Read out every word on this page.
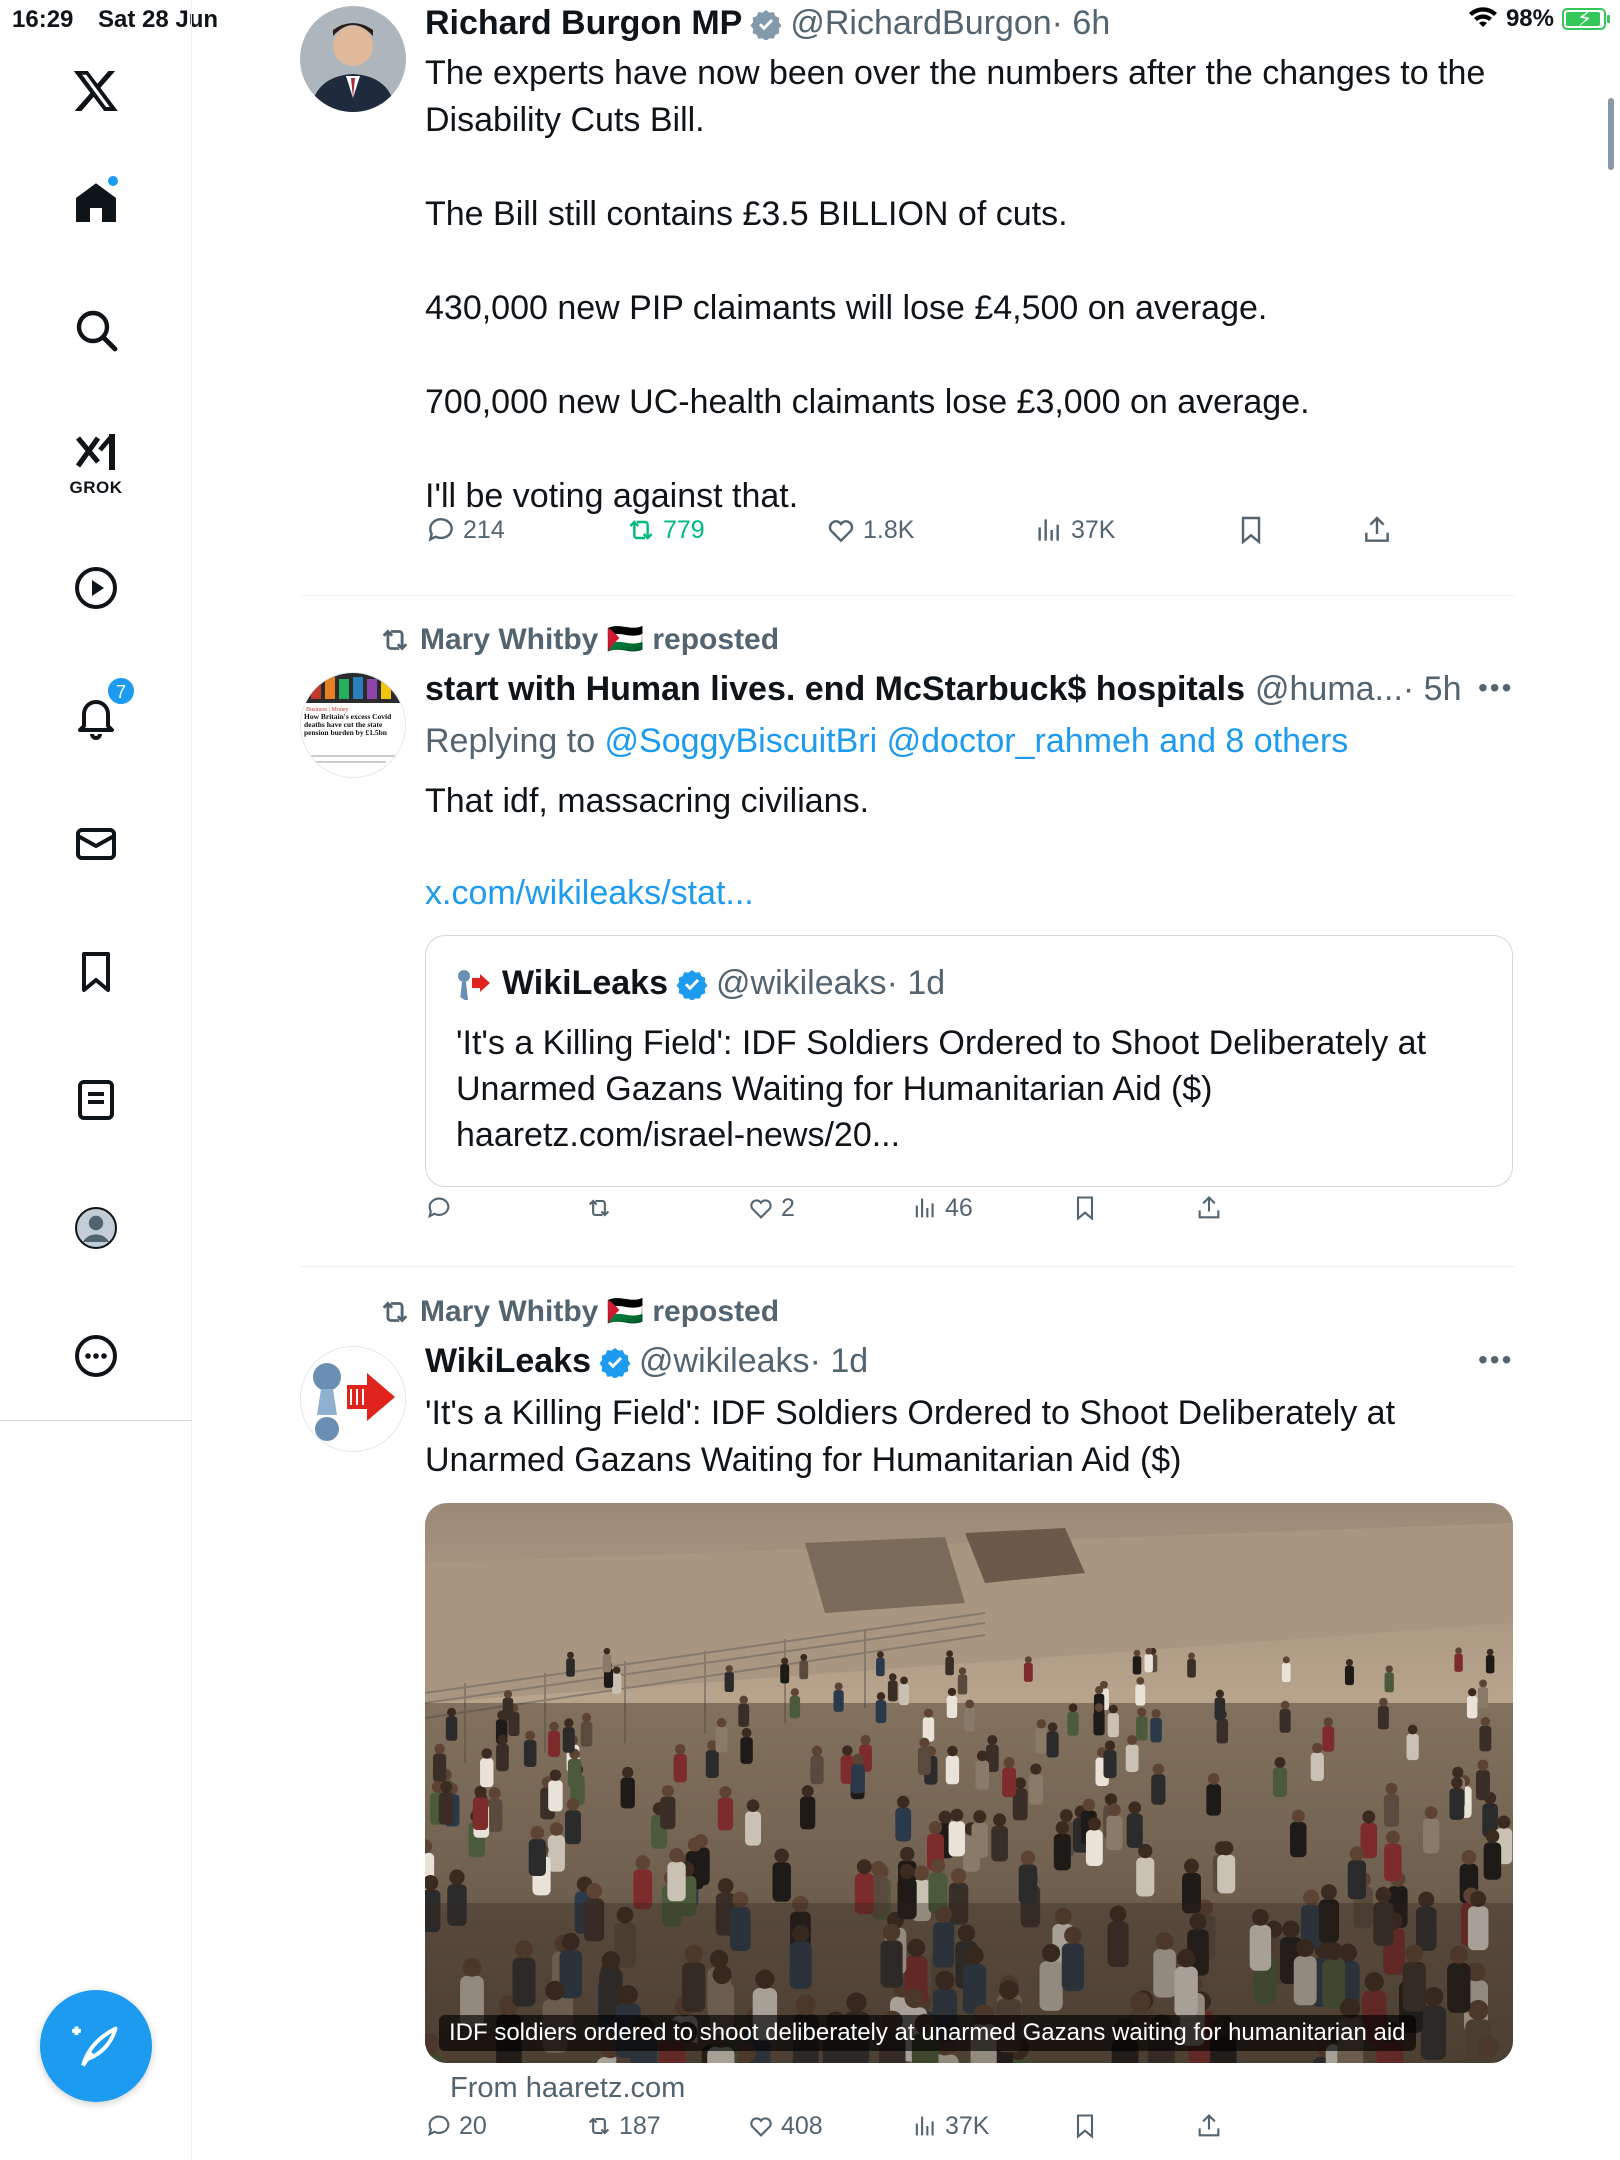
16:29 Sat 28 Jun	98% ⚡
GROK
7
Richard Burgon MP @RichardBurgon · 6h
The experts have now been over the numbers after the changes to the Disability Cuts Bill.

The Bill still contains £3.5 BILLION of cuts.

430,000 new PIP claimants will lose £4,500 on average.

700,000 new UC-health claimants lose £3,000 on average.

I'll be voting against that.
214	779	1.8K	37K
Mary Whitby 🇵🇸 reposted
Business | Money
How Britain's excess Covid deaths have cut the state pension burden by £1.5bn
start with Human lives. end McStarbuck$ hospitals @huma... · 5h •••
Replying to @SoggyBiscuitBri @doctor_rahmeh and 8 others
That idf, massacring civilians.
x.com/wikileaks/stat...
WikiLeaks @wikileaks · 1d
'It's a Killing Field': IDF Soldiers Ordered to Shoot Deliberately at Unarmed Gazans Waiting for Humanitarian Aid ($)
haaretz.com/israel-news/20...
2	46
Mary Whitby 🇵🇸 reposted
WikiLeaks @wikileaks · 1d	•••
'It's a Killing Field': IDF Soldiers Ordered to Shoot Deliberately at Unarmed Gazans Waiting for Humanitarian Aid ($)
IDF soldiers ordered to shoot deliberately at unarmed Gazans waiting for humanitarian aid
From haaretz.com
20	187	408	37K
